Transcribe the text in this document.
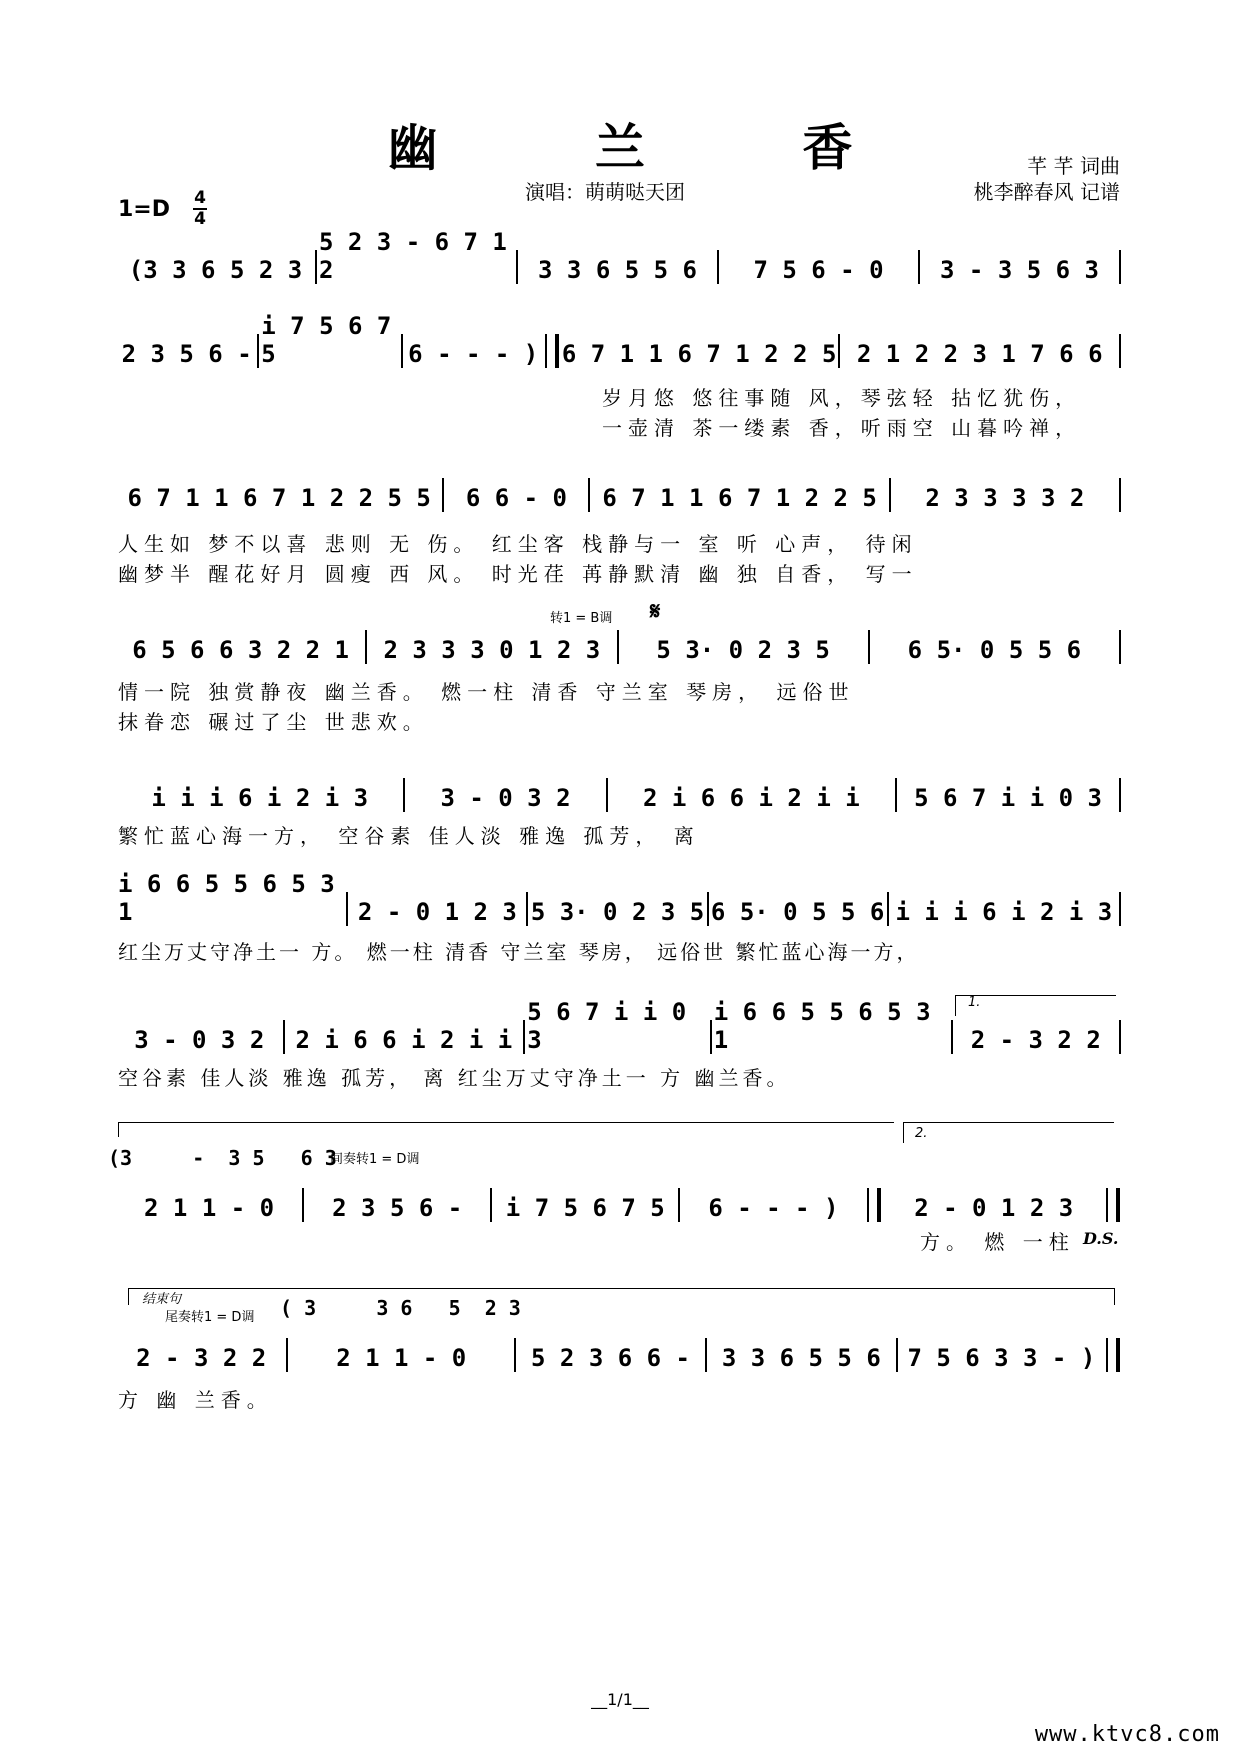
幽 兰 香	芊 芊 词曲
桃李醉春风 记谱
演唱：萌萌哒天团
1=D 4
4
(3 3 6 5 2 3
5 2 3 - 6 7 1 2	3 3 6 5 5 6 7 5 6 - 0 3 - 3 5 6 3
2 3 5 6 -
i 7 5 6 7 5	6 - - - ) 6 7 1 1 6 7 1 2 2 5 2 1 2 2 3 1 7 6 6
岁月悠 悠往事随 风，琴弦轻 拈忆犹伤，
一壶清 茶一缕素 香，听雨空 山暮吟禅，
6 7 1 1 6 7 1 2 2 5 5 6 6 - 0 6 7 1 1 6 7 1 2 2 5 2 3 3 3 3 2
人生如 梦不以喜 悲则 无 伤。 红尘客 栈静与一 室 听 心声， 待闲
幽梦半 醒花好月 圆瘦 西 风。 时光荏 苒静默清 幽 独 自香， 写一
转1 = B调 𝄋
6 5 6 6 3 2 2 1 2 3 3 3 0 1 2 3 5 3· 0 2 3 5	6 5· 0 5 5 6
情一院 独赏静夜 幽兰香。 燃一柱 清香 守兰室 琴房， 远俗世
抹眷恋 碾过了尘 世悲欢。
i i i 6 i 2 i 3	3 - 0 3 2	2 i 6 6 i 2 i i 5 6 7 i i 0 3
繁忙蓝心海一方， 空谷素 佳人淡 雅逸 孤芳， 离
i 6 6 5 5 6 5 3 1	2 - 0 1 2 3 5 3· 0 2 3 5 6 5· 0 5 5 6 i i i 6 i 2 i 3
红尘万丈守净土一 方。 燃一柱 清香 守兰室 琴房， 远俗世 繁忙蓝心海一方，
1.
3 - 0 3 2 2 i 6 6 i 2 i i
5 6 7 i i 0 3
i 6 6 5 5 6 5 3 1	2 - 3 2 2
空谷素 佳人淡 雅逸 孤芳， 离 红尘万丈守净土一 方 幽兰香。
2.
(3     -  3 5   6 3
间奏转1 = D调
2 1 1 - 0 2 3 5 6 - i 7 5 6 7 5 6 - - - )	2 - 0 1 2 3
方。 燃 一柱 D.S.
结束句
尾奏转1 = D调 ( 3     3 6   5  2 3
2 - 3 2 2	2 1 1 - 0	5 2 3 6 6 - 3 3 6 5 5 6 7 5 6 3 3 - )
方 幽 兰香。
__1/1__
www.ktvc8.com
